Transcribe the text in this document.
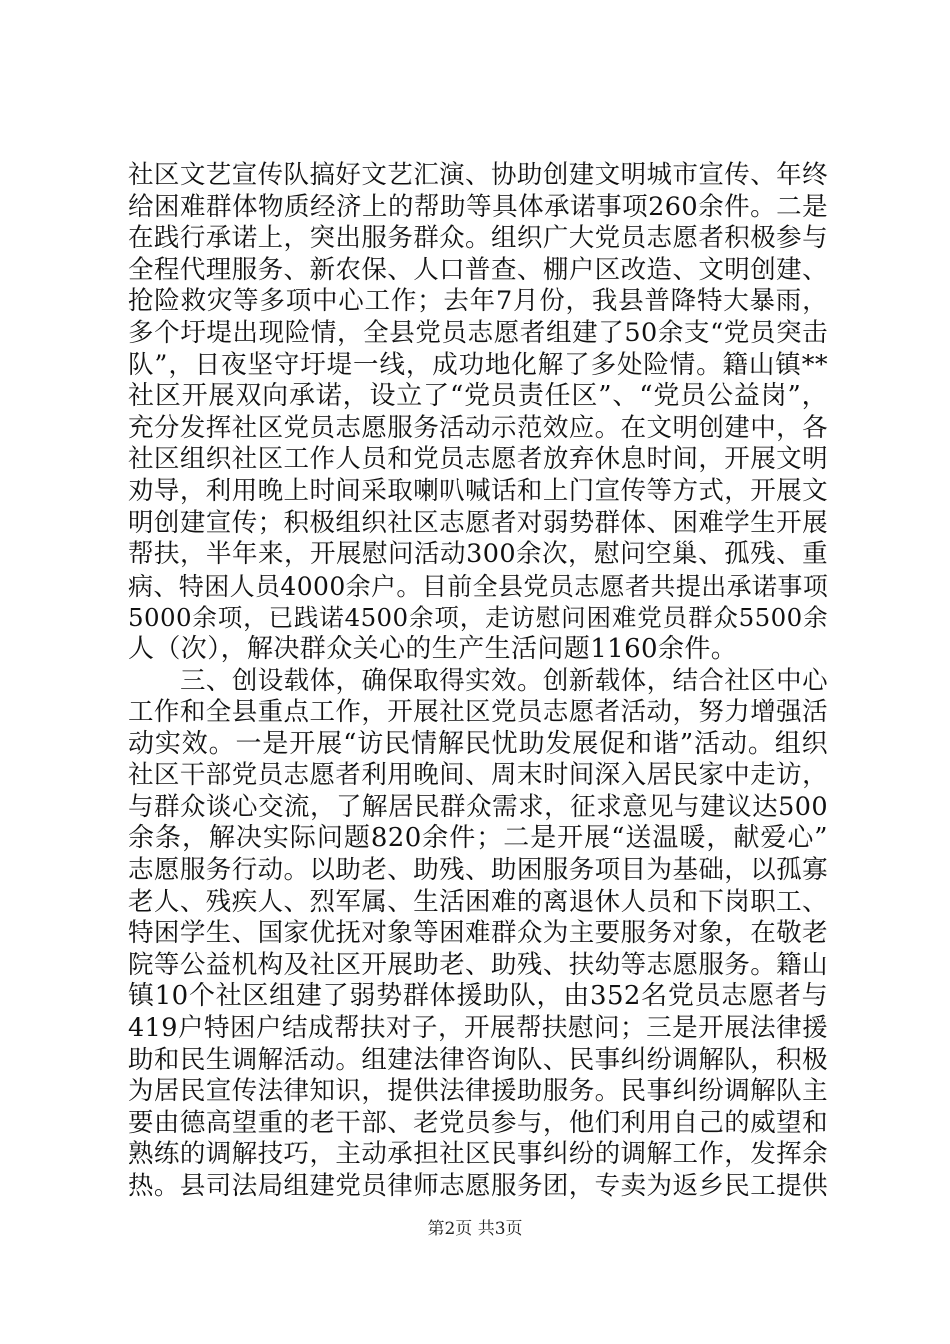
社区文艺宣传队搞好文艺汇演、协助创建文明城市宣传、年终
给困难群体物质经济上的帮助等具体承诺事项260余件。二是
在践行承诺上，突出服务群众。组织广大党员志愿者积极参与
全程代理服务、新农保、人口普查、棚户区改造、文明创建、
抢险救灾等多项中心工作；去年7月份，我县普降特大暴雨，
多个圩堤出现险情，全县党员志愿者组建了50余支“党员突击
队”，日夜坚守圩堤一线，成功地化解了多处险情。籍山镇**
社区开展双向承诺，设立了“党员责任区”、“党员公益岗”，
充分发挥社区党员志愿服务活动示范效应。在文明创建中，各
社区组织社区工作人员和党员志愿者放弃休息时间，开展文明
劝导，利用晚上时间采取喇叭喊话和上门宣传等方式，开展文
明创建宣传；积极组织社区志愿者对弱势群体、困难学生开展
帮扶，半年来，开展慰问活动300余次，慰问空巢、孤残、重
病、特困人员4000余户。目前全县党员志愿者共提出承诺事项
5000余项，已践诺4500余项，走访慰问困难党员群众5500余
人（次），解决群众关心的生产生活问题1160余件。
三、创设载体，确保取得实效。创新载体，结合社区中心
工作和全县重点工作，开展社区党员志愿者活动，努力增强活
动实效。一是开展“访民情解民忧助发展促和谐”活动。组织
社区干部党员志愿者利用晚间、周末时间深入居民家中走访，
与群众谈心交流，了解居民群众需求，征求意见与建议达500
余条，解决实际问题820余件；二是开展“送温暖，献爱心”
志愿服务行动。以助老、助残、助困服务项目为基础，以孤寡
老人、残疾人、烈军属、生活困难的离退休人员和下岗职工、
特困学生、国家优抚对象等困难群众为主要服务对象，在敬老
院等公益机构及社区开展助老、助残、扶幼等志愿服务。籍山
镇10个社区组建了弱势群体援助队，由352名党员志愿者与
419户特困户结成帮扶对子，开展帮扶慰问；三是开展法律援
助和民生调解活动。组建法律咨询队、民事纠纷调解队，积极
为居民宣传法律知识，提供法律援助服务。民事纠纷调解队主
要由德高望重的老干部、老党员参与，他们利用自己的威望和
熟练的调解技巧，主动承担社区民事纠纷的调解工作，发挥余
热。县司法局组建党员律师志愿服务团，专卖为返乡民工提供
第2页 共3页
